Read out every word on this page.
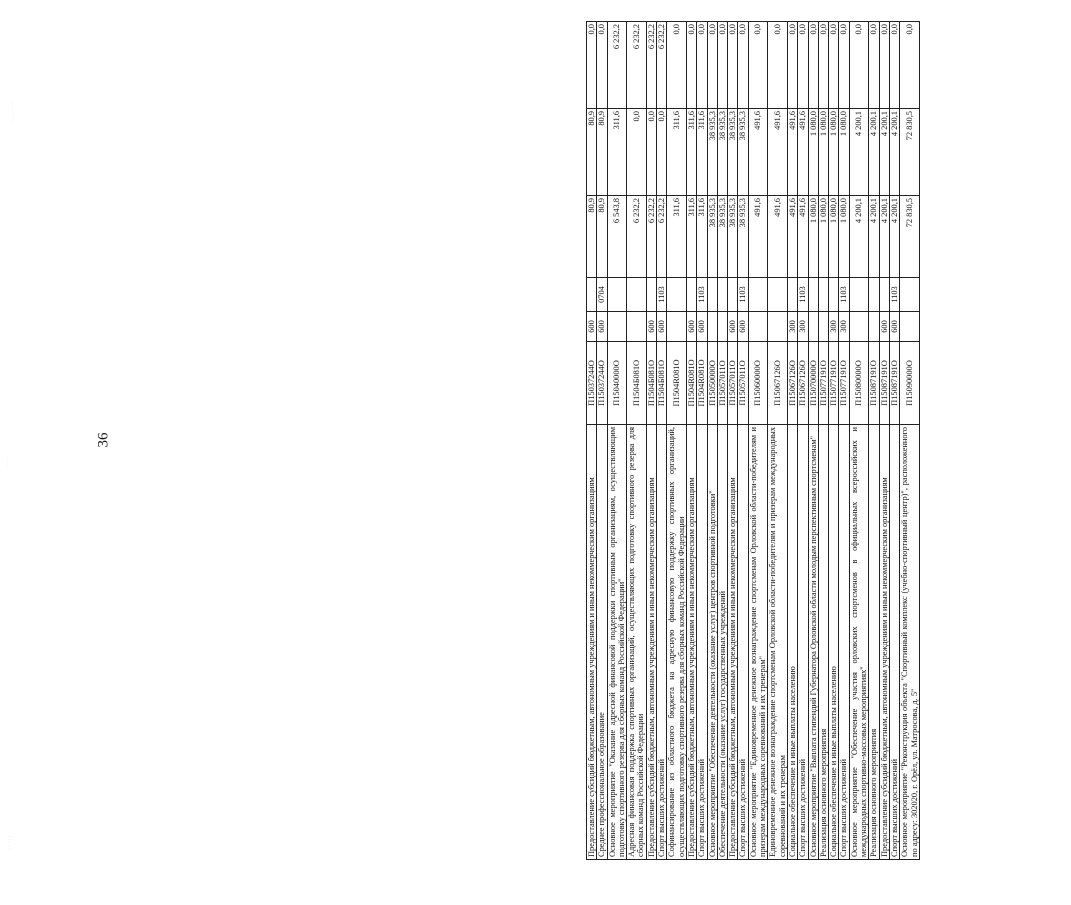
· · · · · · ·
· · · ·
· · · · ·
36
Предоставление субсидий бюджетным, автономным учреждениям и иным некоммерческим организациям	П15037244О	600		80,9	80,9	0,0
Среднее профессиональное образование	П15037244О	600	0704	80,9	80,9	0,0
Основное мероприятие "Оказание адресной финансовой поддержки спортивным организациям, осуществляющим подготовку спортивного резерва для сборных команд Российской Федерации"	П15040000О			6 543,8	311,6	6 232,2
Адресная финансовая поддержка спортивных организаций, осуществляющих подготовку спортивного резерва для сборных команд Российской Федерации	П1504Б081О			6 232,2	0,0	6 232,2
Предоставление субсидий бюджетным, автономным учреждениям и иным некоммерческим организациям	П1504Б081О	600		6 232,2	0,0	6 232,2
Спорт высших достижений	П1504Б081О	600	1103	6 232,2	0,0	6 232,2
Софинансирование из областного бюджета на адресную финансовую поддержку спортивных организаций, осуществляющих подготовку спортивного резерва для сборных команд Российской Федерации	П1504R081О			311,6	311,6	0,0
Предоставление субсидий бюджетным, автономным учреждениям и иным некоммерческим организациям	П1504R081О	600		311,6	311,6	0,0
Спорт высших достижений	П1504R081О	600	1103	311,6	311,6	0,0
Основное мероприятие "Обеспечение деятельности (оказание услуг) центров спортивной подготовки"	П15050000О			38 935,3	38 935,3	0,0
Обеспечение деятельности (оказание услуг) государственных учреждений	П15057011О			38 935,3	38 935,3	0,0
Предоставление субсидий бюджетным, автономным учреждениям и иным некоммерческим организациям	П15057011О	600		38 935,3	38 935,3	0,0
Спорт высших достижений	П15057011О	600	1103	38 935,3	38 935,3	0,0
Основное мероприятие "Единовременное денежное вознаграждение спортсменам Орловской области-победителям и призерам международных соревнований и их тренерам"	П15060000О			491,6	491,6	0,0
Единовременное денежное вознаграждение спортсменам Орловской области-победителям и призерам международных соревнований и их тренерам	П15067126О			491,6	491,6	0,0
Социальное обеспечение и иные выплаты населению	П15067126О	300		491,6	491,6	0,0
Спорт высших достижений	П15067126О	300	1103	491,6	491,6	0,0
Основное мероприятие "Выплата стипендий Губернатора Орловской области молодым перспективным спортсменам"	П15070000О			1 080,0	1 080,0	0,0
Реализация основного мероприятия	П15077191О			1 080,0	1 080,0	0,0
Социальное обеспечение и иные выплаты населению	П15077191О	300		1 080,0	1 080,0	0,0
Спорт высших достижений	П15077191О	300	1103	1 080,0	1 080,0	0,0
Основное мероприятие "Обеспечение участия орловских спортсменов в официальных всероссийских и международных спортивно-массовых мероприятиях"	П15080000О			4 200,1	4 200,1	0,0
Реализация основного мероприятия	П15087191О			4 200,1	4 200,1	0,0
Предоставление субсидий бюджетным, автономным учреждениям и иным некоммерческим организациям	П15087191О	600		4 200,1	4 200,1	0,0
Спорт высших достижений	П15087191О	600	1103	4 200,1	4 200,1	0,0
Основное мероприятие "Реконструкция объекта "Спортивный комплекс (учебно-спортивный центр)", расположенного по адресу: 302020, г. Орёл, ул. Матросова, д. 5"	П15090000О			72 830,5	72 830,5	0,0
